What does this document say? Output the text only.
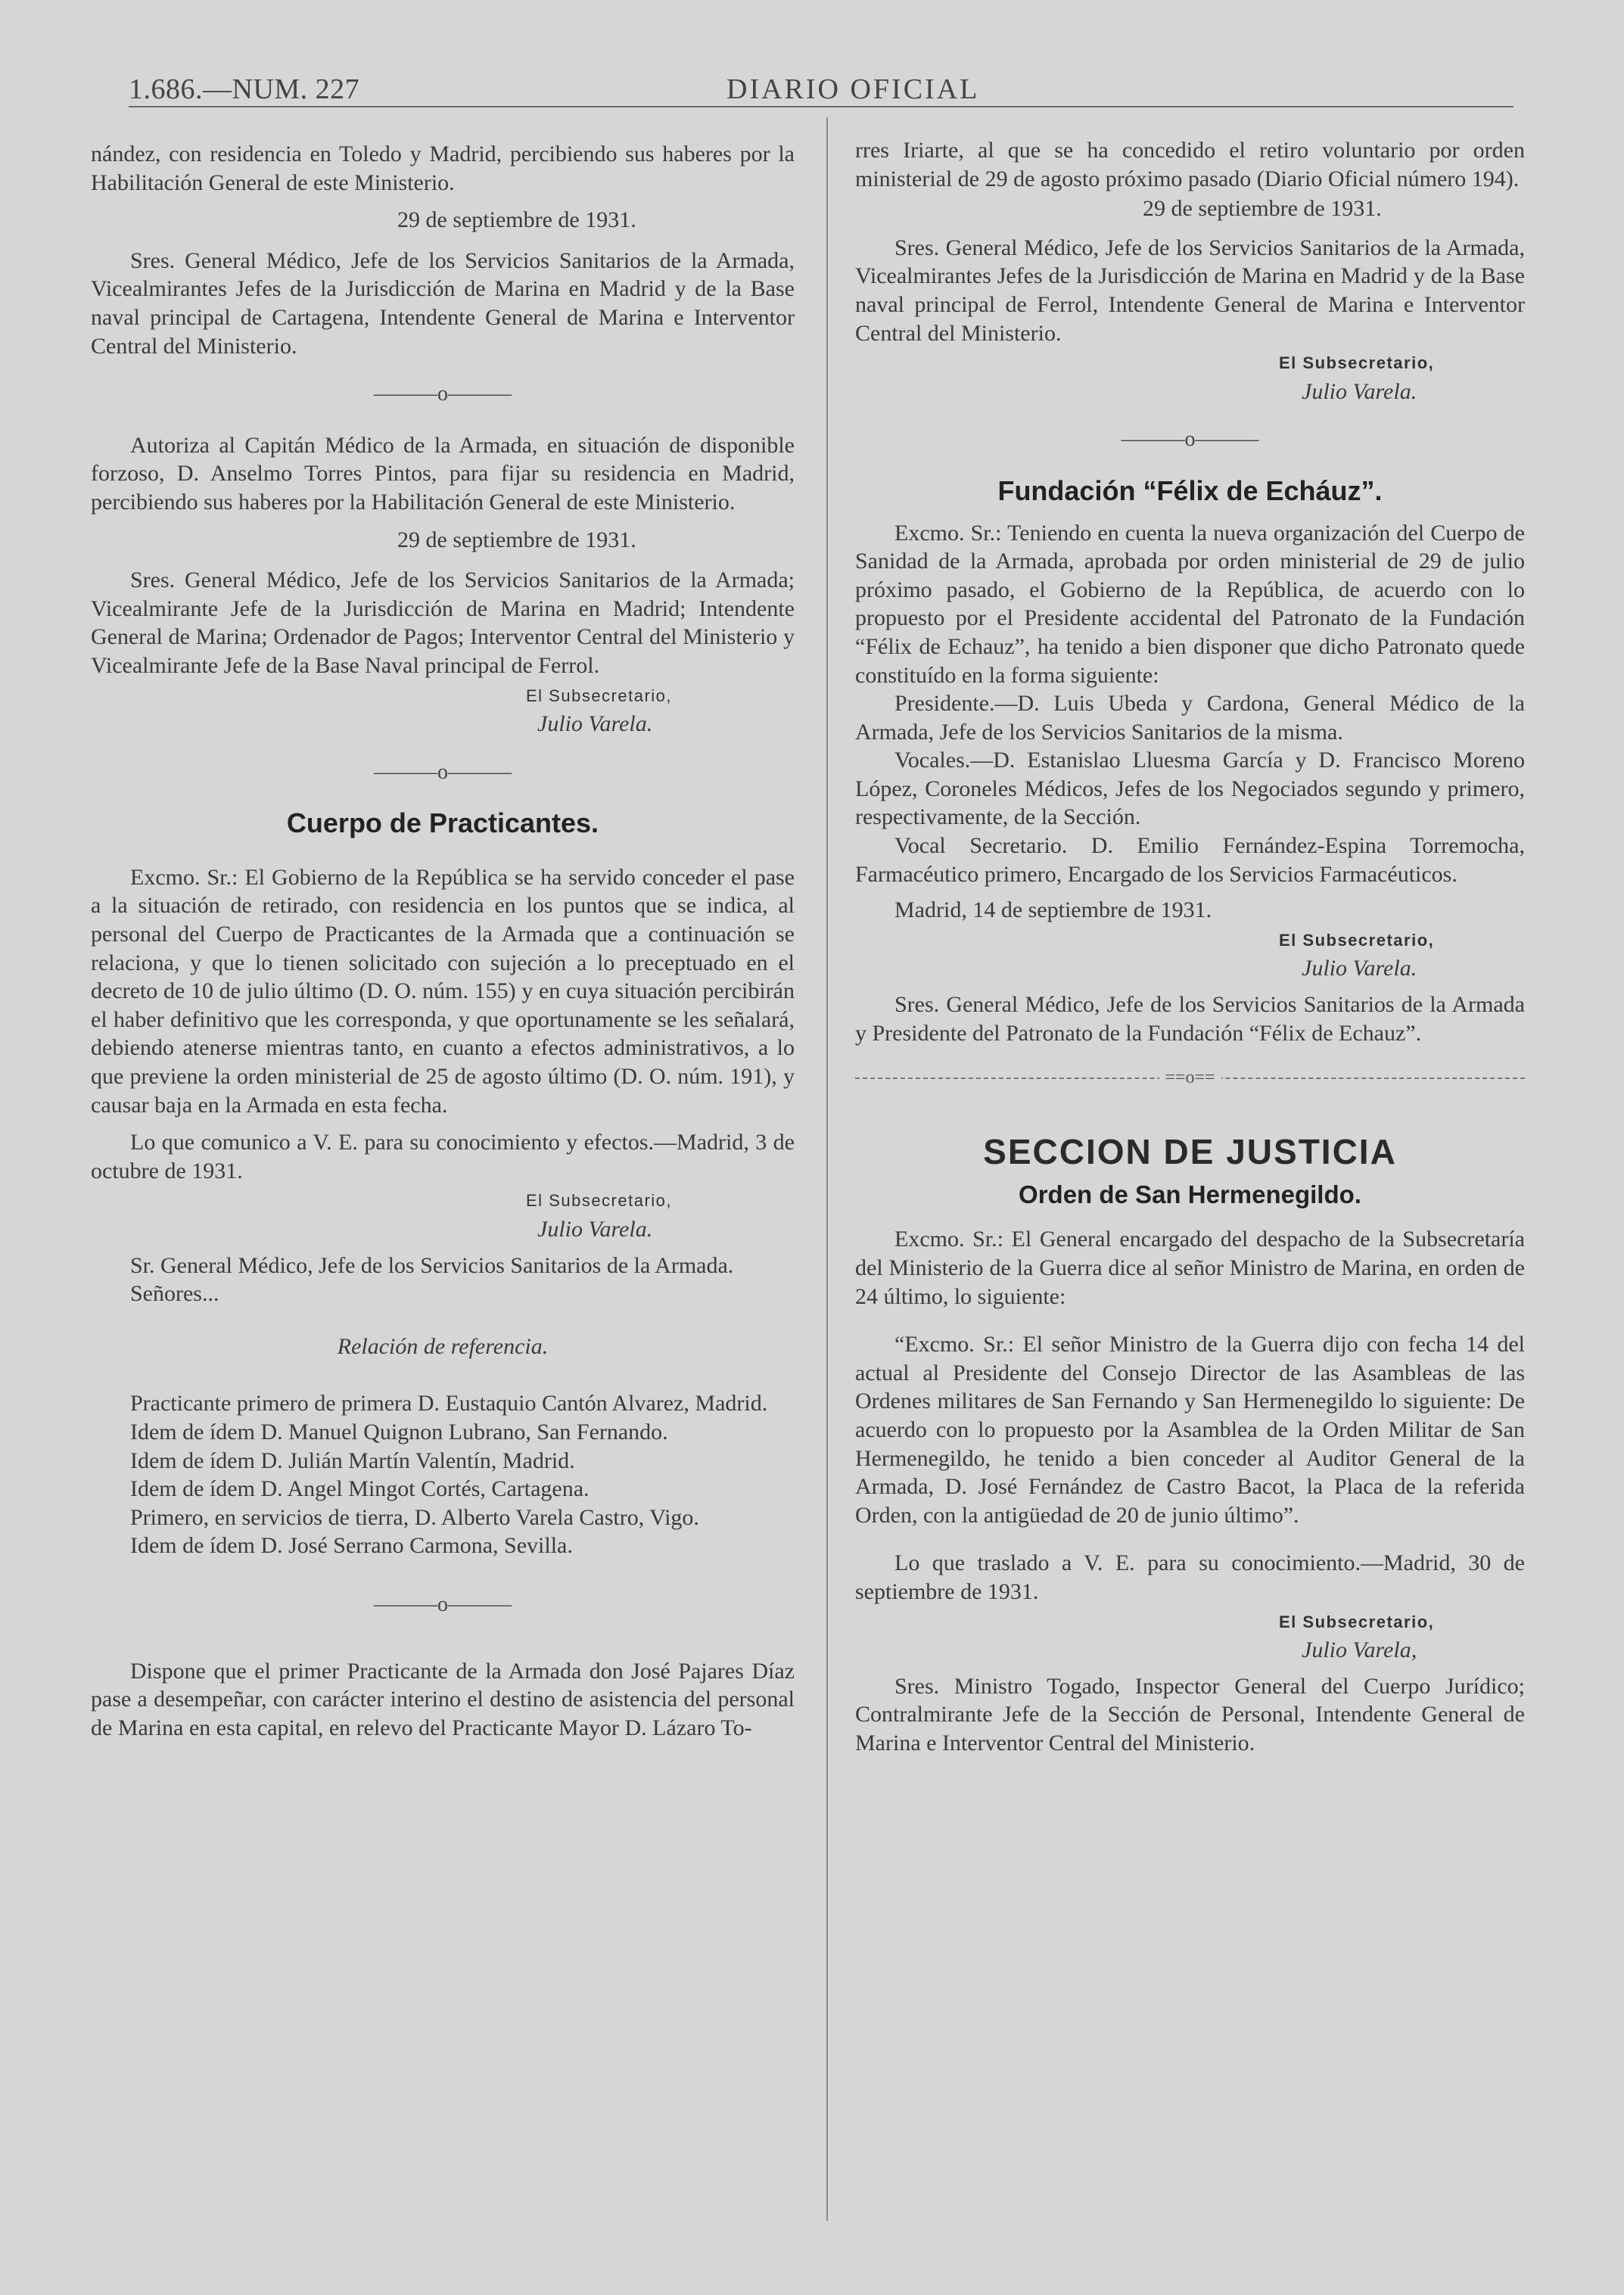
1.686.—NUM. 227	DIARIO OFICIAL

nández, con residencia en Toledo y Madrid, percibiendo sus haberes por la Habilitación General de este Ministerio.

29 de septiembre de 1931.

Sres. General Médico, Jefe de los Servicios Sanitarios de la Armada, Vicealmirantes Jefes de la Jurisdicción de Marina en Madrid y de la Base naval principal de Cartagena, Intendente General de Marina e Interventor Central del Ministerio.

———o———

Autoriza al Capitán Médico de la Armada, en situación de disponible forzoso, D. Anselmo Torres Pintos, para fijar su residencia en Madrid, percibiendo sus haberes por la Habilitación General de este Ministerio.

29 de septiembre de 1931.

Sres. General Médico, Jefe de los Servicios Sanitarios de la Armada; Vicealmirante Jefe de la Jurisdicción de Marina en Madrid; Intendente General de Marina; Ordenador de Pagos; Interventor Central del Ministerio y Vicealmirante Jefe de la Base Naval principal de Ferrol.

El Subsecretario,

Julio Varela.

———o———
Cuerpo de Practicantes.

Excmo. Sr.: El Gobierno de la República se ha servido conceder el pase a la situación de retirado, con residencia en los puntos que se indica, al personal del Cuerpo de Practicantes de la Armada que a continuación se relaciona, y que lo tienen solicitado con sujeción a lo preceptuado en el decreto de 10 de julio último (D. O. núm. 155) y en cuya situación percibirán el haber definitivo que les corresponda, y que oportunamente se les señalará, debiendo atenerse mientras tanto, en cuanto a efectos administrativos, a lo que previene la orden ministerial de 25 de agosto último (D. O. núm. 191), y causar baja en la Armada en esta fecha.

Lo que comunico a V. E. para su conocimiento y efectos.—Madrid, 3 de octubre de 1931.

El Subsecretario,

Julio Varela.

Sr. General Médico, Jefe de los Servicios Sanitarios de la Armada.

Señores...

Relación de referencia.

Practicante primero de primera D. Eustaquio Cantón Alvarez, Madrid.

Idem de ídem D. Manuel Quignon Lubrano, San Fernando.

Idem de ídem D. Julián Martín Valentín, Madrid.

Idem de ídem D. Angel Mingot Cortés, Cartagena.

Primero, en servicios de tierra, D. Alberto Varela Castro, Vigo.

Idem de ídem D. José Serrano Carmona, Sevilla.

———o———

Dispone que el primer Practicante de la Armada don José Pajares Díaz pase a desempeñar, con carácter interino el destino de asistencia del personal de Marina en esta capital, en relevo del Practicante Mayor D. Lázaro To-

rres Iriarte, al que se ha concedido el retiro voluntario por orden ministerial de 29 de agosto próximo pasado (Diario Oficial número 194).

29 de septiembre de 1931.

Sres. General Médico, Jefe de los Servicios Sanitarios de la Armada, Vicealmirantes Jefes de la Jurisdicción de Marina en Madrid y de la Base naval principal de Ferrol, Intendente General de Marina e Interventor Central del Ministerio.

El Subsecretario,

Julio Varela.

———o———
Fundación “Félix de Echáuz”.

Excmo. Sr.: Teniendo en cuenta la nueva organización del Cuerpo de Sanidad de la Armada, aprobada por orden ministerial de 29 de julio próximo pasado, el Gobierno de la República, de acuerdo con lo propuesto por el Presidente accidental del Patronato de la Fundación “Félix de Echauz”, ha tenido a bien disponer que dicho Patronato quede constituído en la forma siguiente:

Presidente.—D. Luis Ubeda y Cardona, General Médico de la Armada, Jefe de los Servicios Sanitarios de la misma.

Vocales.—D. Estanislao Lluesma García y D. Francisco Moreno López, Coroneles Médicos, Jefes de los Negociados segundo y primero, respectivamente, de la Sección.

Vocal Secretario. D. Emilio Fernández-Espina Torremocha, Farmacéutico primero, Encargado de los Servicios Farmacéuticos.

Madrid, 14 de septiembre de 1931.

El Subsecretario,

Julio Varela.

Sres. General Médico, Jefe de los Servicios Sanitarios de la Armada y Presidente del Patronato de la Fundación “Félix de Echauz”.

==o==
SECCION DE JUSTICIA
Orden de San Hermenegildo.

Excmo. Sr.: El General encargado del despacho de la Subsecretaría del Ministerio de la Guerra dice al señor Ministro de Marina, en orden de 24 último, lo siguiente:

“Excmo. Sr.: El señor Ministro de la Guerra dijo con fecha 14 del actual al Presidente del Consejo Director de las Asambleas de las Ordenes militares de San Fernando y San Hermenegildo lo siguiente: De acuerdo con lo propuesto por la Asamblea de la Orden Militar de San Hermenegildo, he tenido a bien conceder al Auditor General de la Armada, D. José Fernández de Castro Bacot, la Placa de la referida Orden, con la antigüedad de 20 de junio último”.

Lo que traslado a V. E. para su conocimiento.—Madrid, 30 de septiembre de 1931.

El Subsecretario,

Julio Varela,

Sres. Ministro Togado, Inspector General del Cuerpo Jurídico; Contralmirante Jefe de la Sección de Personal, Intendente General de Marina e Interventor Central del Ministerio.
